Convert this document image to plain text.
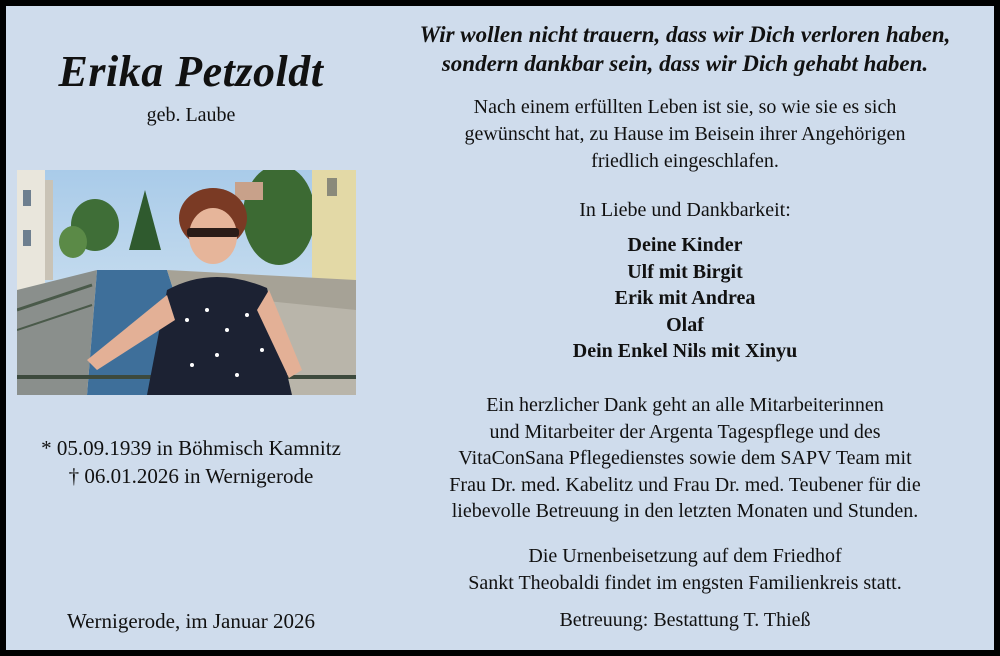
Erika Petzoldt
geb. Laube
* 05.09.1939 in Böhmisch Kamnitz
† 06.01.2026 in Wernigerode
Wernigerode, im Januar 2026
Wir wollen nicht trauern, dass wir Dich verloren haben,
sondern dankbar sein, dass wir Dich gehabt haben.
Nach einem erfüllten Leben ist sie, so wie sie es sich
gewünscht hat, zu Hause im Beisein ihrer Angehörigen
friedlich eingeschlafen.
In Liebe und Dankbarkeit:
Deine Kinder
Ulf mit Birgit
Erik mit Andrea
Olaf
Dein Enkel Nils mit Xinyu
Ein herzlicher Dank geht an alle Mitarbeiterinnen
und Mitarbeiter der Argenta Tagespflege und des
VitaConSana Pflegedienstes sowie dem SAPV Team mit
Frau Dr. med. Kabelitz und Frau Dr. med. Teubener für die
liebevolle Betreuung in den letzten Monaten und Stunden.
Die Urnenbeisetzung auf dem Friedhof
Sankt Theobaldi findet im engsten Familienkreis statt.
Betreuung: Bestattung T. Thieß
